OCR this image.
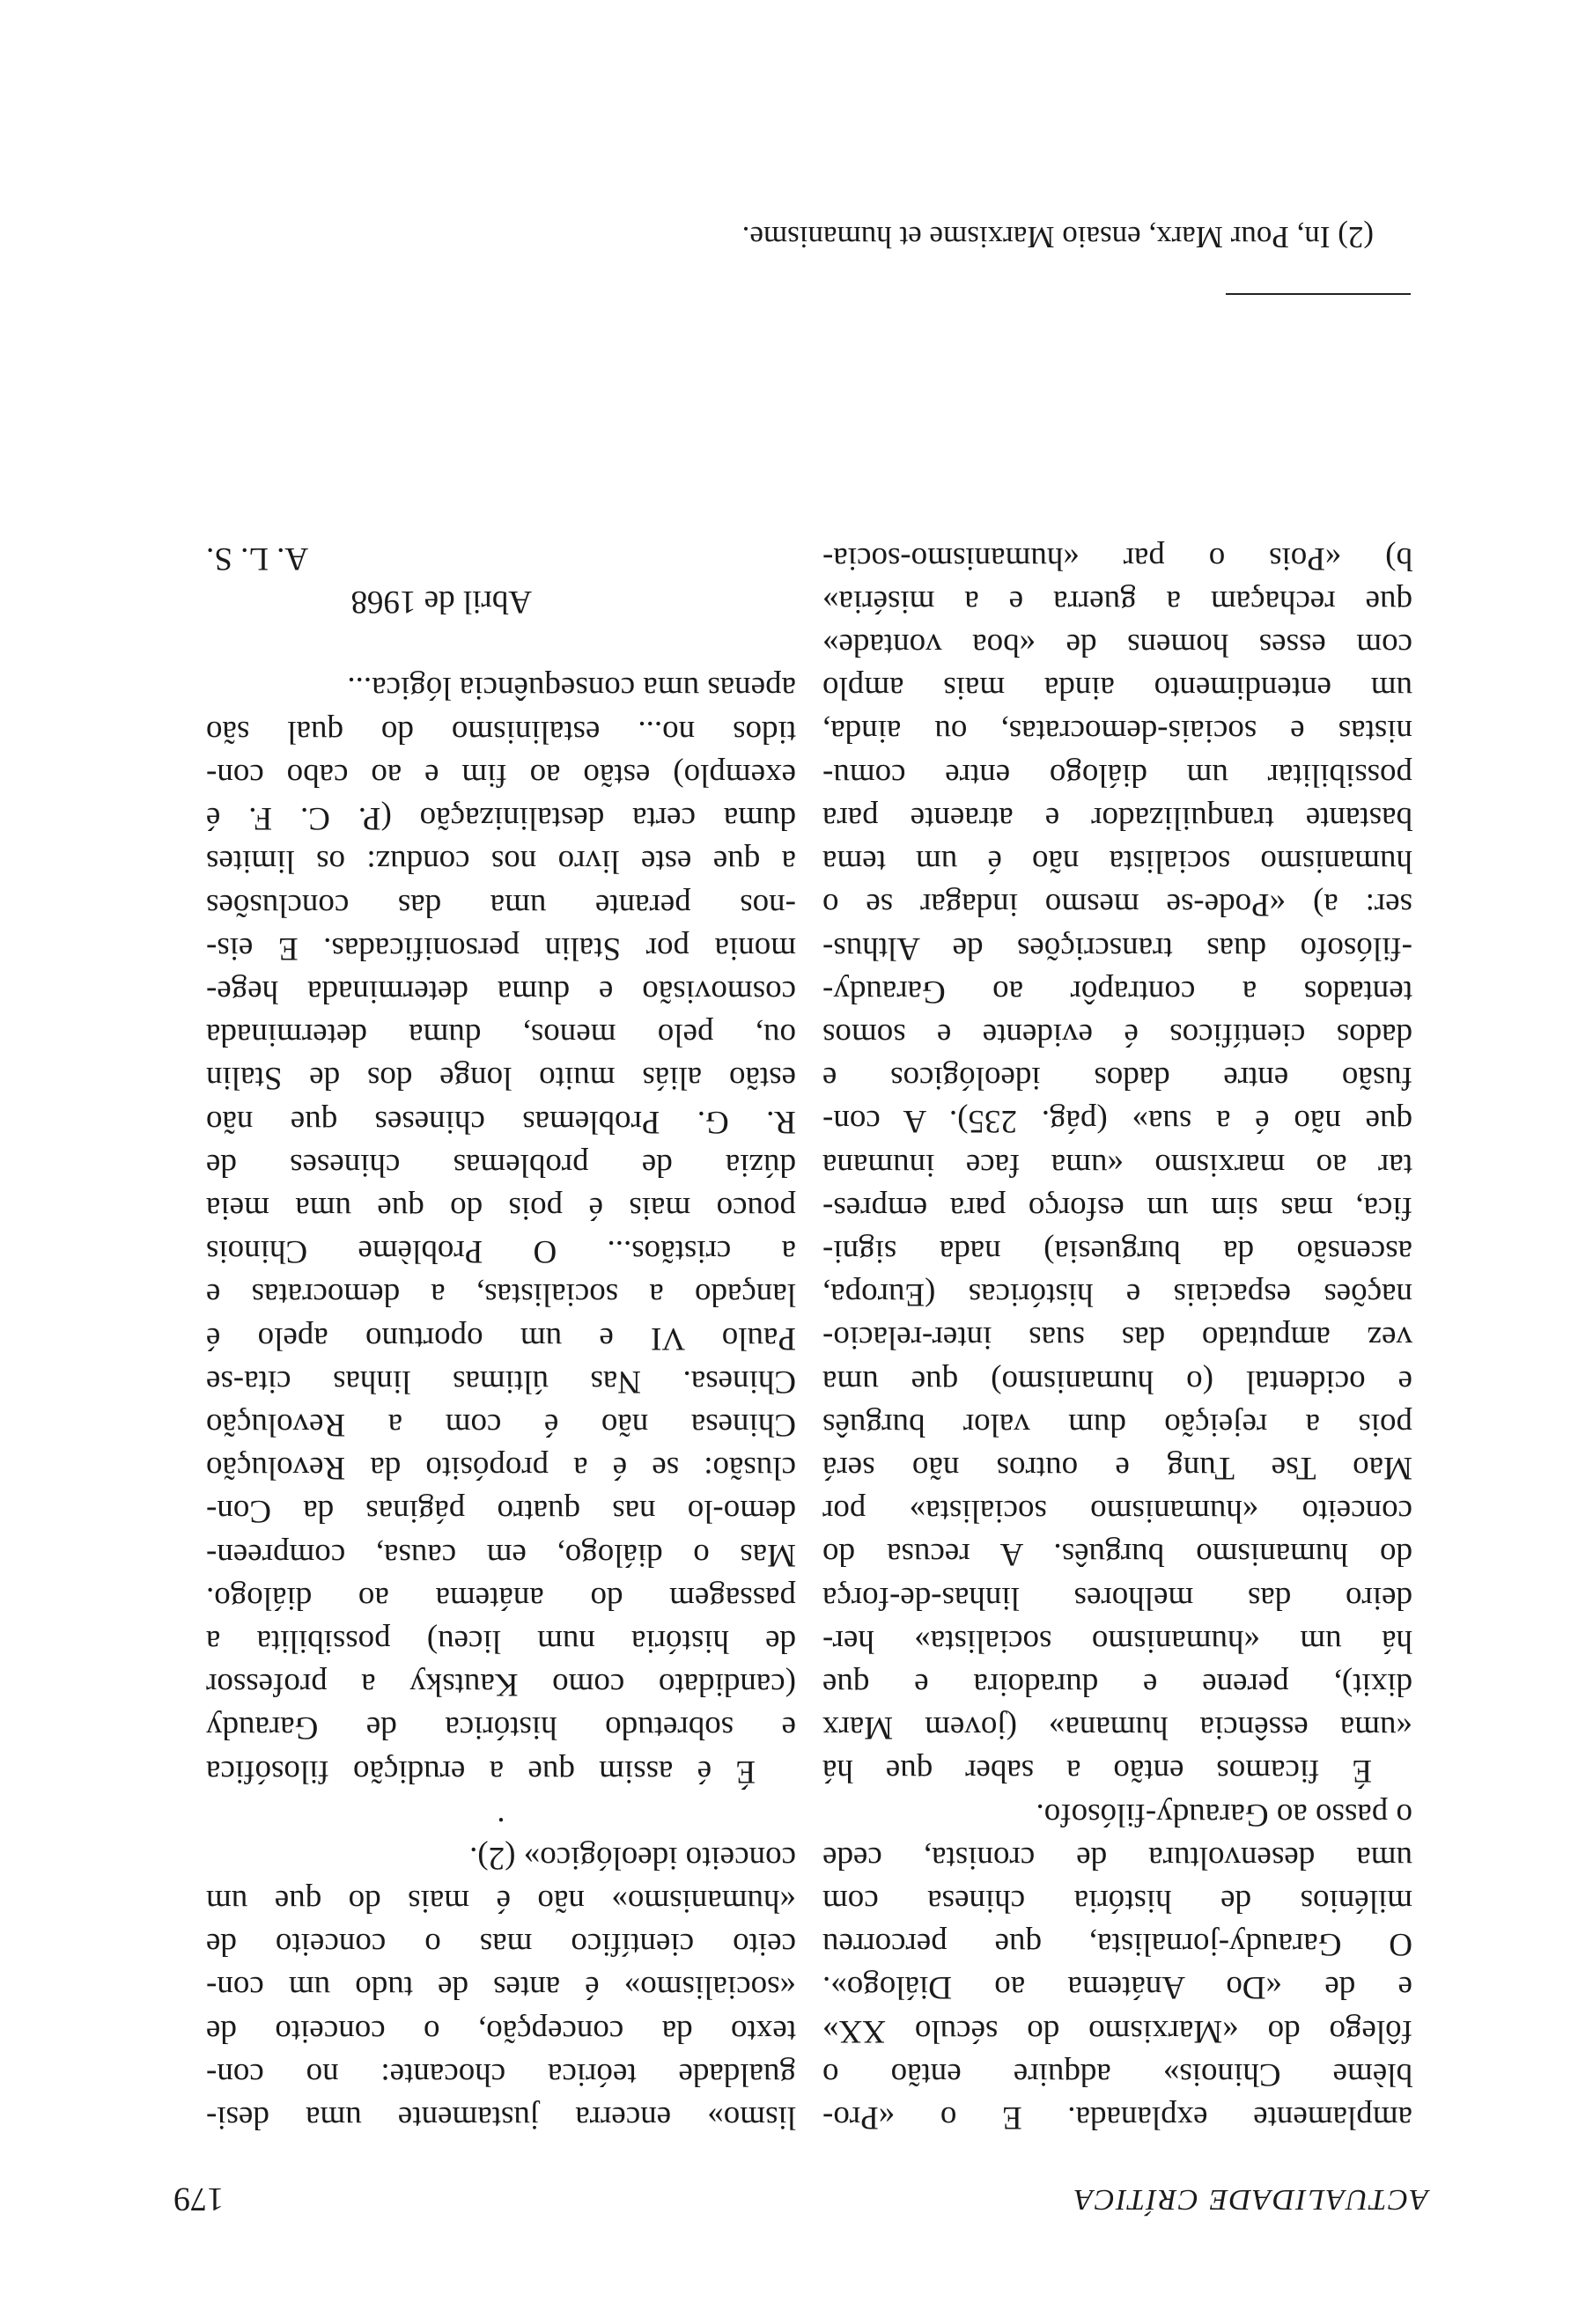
ACTUALIDADE CRÍTICA
179
amplamente explanada. E o «Pro-
blème Chinois» adquire então o
fôlego do «Marxismo do século XX»
e de «Do Anátema ao Diálogo».
O Garaudy-jornalista, que percorreu
milénios de história chinesa com
uma desenvoltura de cronista, cede
o passo ao Garaudy-filósofo.
É ficamos então a saber que há
«uma essência humana» (jovem Marx
dixit), perene e duradoira e que
há um «humanismo socialista» her-
deiro das melhores linhas-de-força
do humanismo burguês. A recusa do
conceito «humanismo socialista» por
Mao Tse Tung e outros não será
pois a rejeição dum valor burguês
e ocidental (o humanismo) que uma
vez amputado das suas inter-relacio-
nações espaciais e históricas (Europa,
ascensão da burguesia) nada signi-
fica, mas sim um esforço para empres-
tar ao marxismo «uma face inumana
que não é a sua» (pág. 235). A con-
fusão entre dados ideológicos e
dados científicos é evidente e somos
tentados a contrapôr ao Garaudy-
-filósofo duas transcrições de Althus-
ser: a) «Pode-se mesmo indagar se o
humanismo socialista não é um tema
bastante tranquilizador e atraente para
possibilitar um diálogo entre comu-
nistas e sociais-democratas, ou ainda,
um entendimento ainda mais amplo
com esses homens de «boa vontade»
que rechaçam a guerra e a miséria»
b) «Pois o par «humanismo-socia-
lismo» encerra justamente uma desi-
gualdade teórica chocante: no con-
texto da concepção, o conceito de
«socialismo» é antes de tudo um con-
ceito científico mas o conceito de
«humanismo» não é mais do que um
conceito ideológico» (2).
·
É é assim que a erudição filosófica
e sobretudo histórica de Garaudy
(candidato como Kautsky a professor
de história num liceu) possibilita a
passagem do anátema ao diálogo.
Mas o diálogo, em causa, compreen-
demo-lo nas quatro páginas da Con-
clusão: se é a propósito da Revolução
Chinesa não é com a Revolução
Chinesa. Nas últimas linhas cita-se
Paulo VI e um oportuno apelo é
lançado a socialistas, a democratas e
a cristãos... O Problème Chinois
pouco mais é pois do que uma meia
dúzia de problemas chineses de
R. G. Problemas chineses que não
estão aliás muito longe dos de Stalin
ou, pelo menos, duma determinada
cosmovisão e duma determinada hege-
monia por Stalin personificadas. E eis-
-nos perante uma das conclusões
a que este livro nos conduz: os limites
duma certa destalinização (P. C. F. é
exemplo) estão ao fim e ao cabo con-
tidos no... estalinismo do qual são
apenas uma consequência lógica...
Abril de 1968
A. L. S.
(2) In, Pour Marx, ensaio Marxisme et humanisme.
